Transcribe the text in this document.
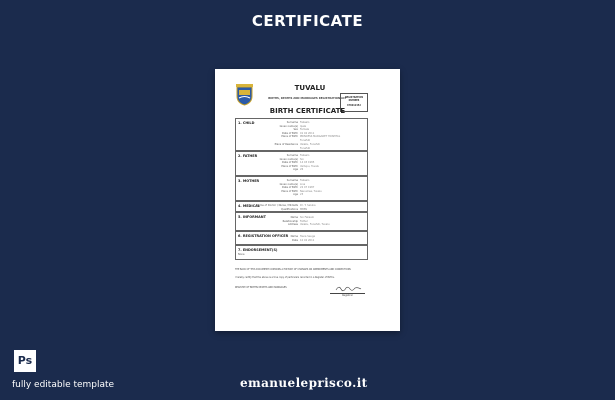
CERTIFICATE
TUVALU
BIRTHS, DEATHS AND MARRIAGES REGISTRATION ACT
REGISTRATION NUMBER
678012452
BIRTH CERTIFICATE
1. CHILD	Surname Fakaalo
Given name(s) Ipala
Sex Female
Date of Birth 01 02 2011
Place of Birth PRINCESS MARGARET HOSPITAL
Funafuti
Place of Residence Vaiaku, Funafuti
Funafuti
2. FATHER	Surname Fakaalo
Given name(s) Sio
Date of Birth 14 03 1985
Place of Birth Vaitupu, Tuvalu
Age 26
3. MOTHER	Surname Fakaalo
Given name(s) Lina
Date of Birth 22 07 1987
Place of Birth Nanumea, Tuvalu
Age 23
4. MEDICAL
Name of Doctor / Nurse / Midwife Dr. T. Seluka
Qualifications MBBS
5. INFORMANT	Name Sio Fakaalo
Relationship Father
Address Vaiaku, Funafuti, Tuvalu
6. REGISTRATION OFFICER Name Tauia Seuga
Date 10 02 2011
7. ENDORSEMENT(S)
None
THE BACK OF THIS DOCUMENT CONTAINS A HISTORY OF CHANGES OR AMENDMENTS AND CORRECTIONS
I hereby certify that the above is a true copy of particulars recorded in a Register of Births.
REGISTRY OF BIRTHS DEATHS AND MARRIAGES
Registrar
Ps
fully editable template	emanueleprisco.it
